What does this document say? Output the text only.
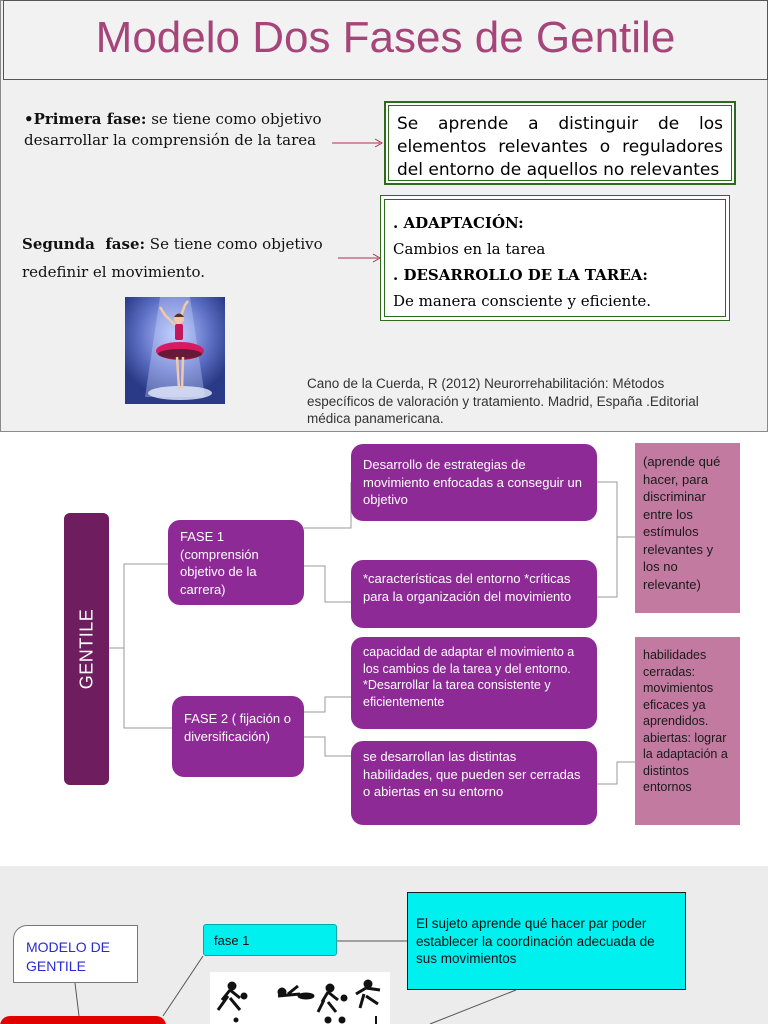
Modelo Dos Fases de Gentile
•Primera fase: se tiene como objetivo desarrollar la comprensión de la tarea
Segunda  fase: Se tiene como objetivo redefinir el movimiento.
Se aprende a distinguir de los elementos relevantes o reguladores del entorno de aquellos no relevantes
. ADAPTACIÓN:
Cambios en la tarea
. DESARROLLO DE LA TAREA:
De manera consciente y eficiente.
Cano de la Cuerda, R (2012) Neurorrehabilitación: Métodos específicos de valoración y tratamiento. Madrid, España .Editorial médica panamericana.
GENTILE
FASE 1 (comprensión objetivo de la carrera)
FASE 2 ( fijación o diversificación)
Desarrollo de estrategias de movimiento enfocadas a conseguir un objetivo
*características del entorno *críticas para la organización del movimiento
capacidad de adaptar el movimiento a los cambios de la tarea y del entorno. *Desarrollar la tarea consistente y eficientemente
se desarrollan las distintas habilidades, que pueden ser cerradas o abiertas en su entorno
(aprende qué hacer, para discriminar entre los estímulos relevantes y los no relevante)
habilidades cerradas: movimientos eficaces ya aprendidos. abiertas: lograr la adaptación a distintos entornos
MODELO DE GENTILE
fase 1
El sujeto aprende qué hacer par poder establecer la coordinación adecuada de sus movimientos
